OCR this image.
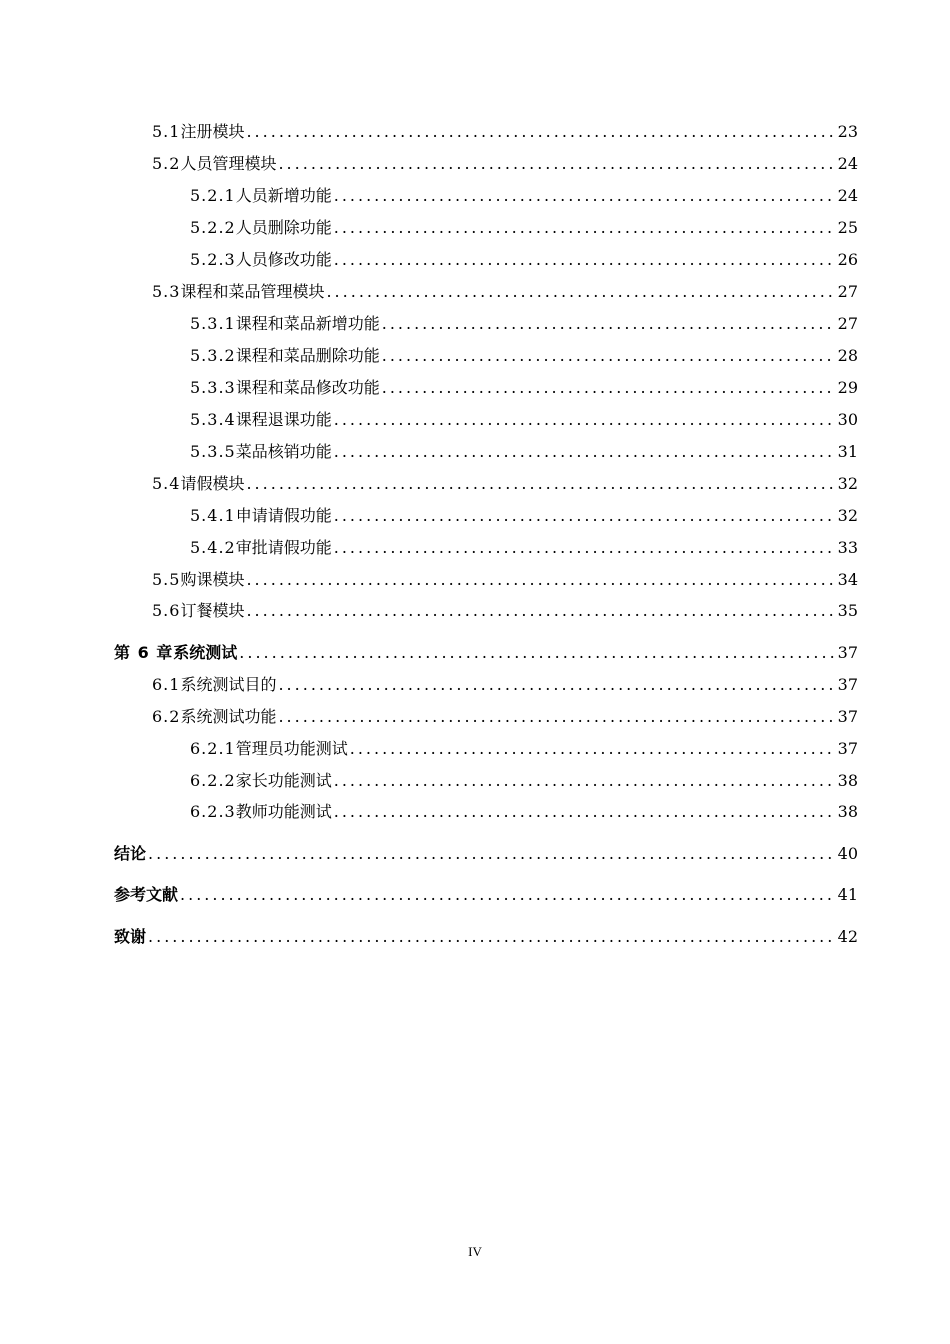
5.1 注册模块 .....	23
5.2 人员管理模块 .....	24
5.2.1 人员新增功能 .....	24
5.2.2 人员删除功能 .....	25
5.2.3 人员修改功能 .....	26
5.3 课程和菜品管理模块 .....	27
5.3.1 课程和菜品新增功能 .....	27
5.3.2 课程和菜品删除功能 .....	28
5.3.3 课程和菜品修改功能 .....	29
5.3.4 课程退课功能 .....	30
5.3.5 菜品核销功能 .....	31
5.4 请假模块 .....	32
5.4.1 申请请假功能 .....	32
5.4.2 审批请假功能 .....	33
5.5 购课模块 .....	34
5.6 订餐模块 .....	35
第 6 章 系统测试 .....	37
6.1 系统测试目的 .....	37
6.2 系统测试功能 .....	37
6.2.1 管理员功能测试 .....	37
6.2.2 家长功能测试 .....	38
6.2.3 教师功能测试 .....	38
结论 .....	40
参考文献 .....	41
致谢 .....	42
IV
